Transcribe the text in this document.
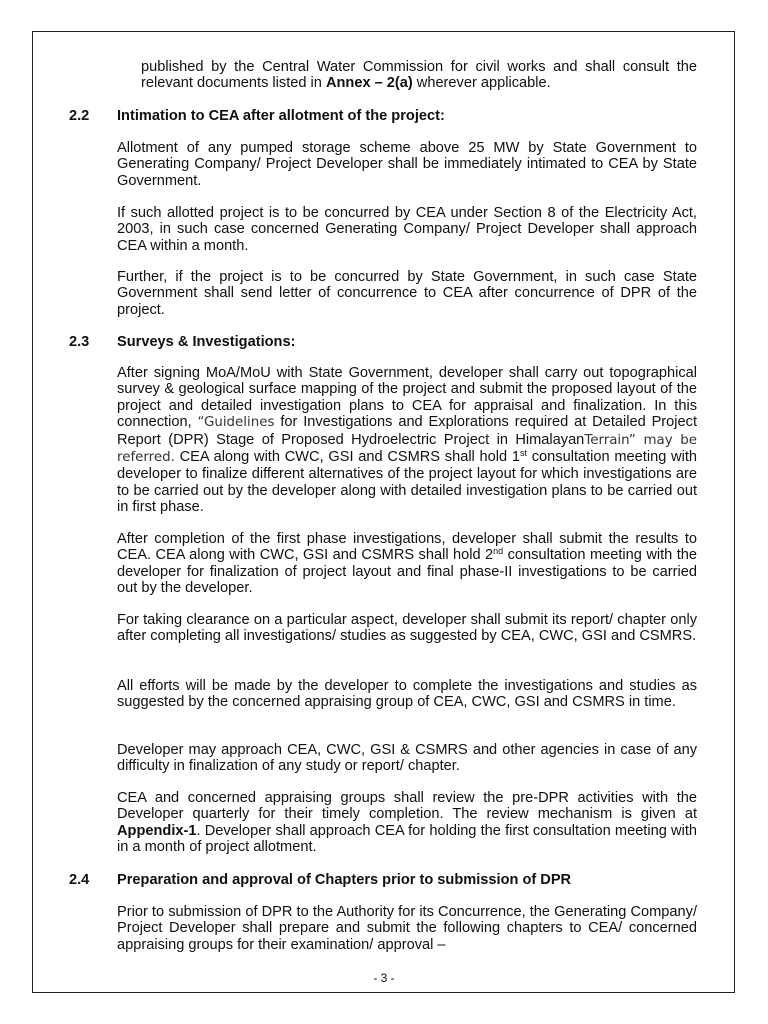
published by the Central Water Commission for civil works and shall consult the relevant documents listed in Annex – 2(a) wherever applicable.

2.2 Intimation to CEA after allotment of the project:

Allotment of any pumped storage scheme above 25 MW by State Government to Generating Company/ Project Developer shall be immediately intimated to CEA by State Government.

If such allotted project is to be concurred by CEA under Section 8 of the Electricity Act, 2003, in such case concerned Generating Company/ Project Developer shall approach CEA within a month.

Further, if the project is to be concurred by State Government, in such case State Government shall send letter of concurrence to CEA after concurrence of DPR of the project.

2.3 Surveys & Investigations:

After signing MoA/MoU with State Government, developer shall carry out topographical survey & geological surface mapping of the project and submit the proposed layout of the project and detailed investigation plans to CEA for appraisal and finalization. In this connection, “Guidelines for Investigations and Explorations required at Detailed Project Report (DPR) Stage of Proposed Hydroelectric Project in HimalayanTerrain” may be referred. CEA along with CWC, GSI and CSMRS shall hold 1st consultation meeting with developer to finalize different alternatives of the project layout for which investigations are to be carried out by the developer along with detailed investigation plans to be carried out in first phase.

After completion of the first phase investigations, developer shall submit the results to CEA. CEA along with CWC, GSI and CSMRS shall hold 2nd consultation meeting with the developer for finalization of project layout and final phase-II investigations to be carried out by the developer.

For taking clearance on a particular aspect, developer shall submit its report/ chapter only after completing all investigations/ studies as suggested by CEA, CWC, GSI and CSMRS.

All efforts will be made by the developer to complete the investigations and studies as suggested by the concerned appraising group of CEA, CWC, GSI and CSMRS in time.

Developer may approach CEA, CWC, GSI & CSMRS and other agencies in case of any difficulty in finalization of any study or report/ chapter.

CEA and concerned appraising groups shall review the pre-DPR activities with the Developer quarterly for their timely completion. The review mechanism is given at Appendix-1. Developer shall approach CEA for holding the first consultation meeting with in a month of project allotment.

2.4 Preparation and approval of Chapters prior to submission of DPR

Prior to submission of DPR to the Authority for its Concurrence, the Generating Company/ Project Developer shall prepare and submit the following chapters to CEA/ concerned appraising groups for their examination/ approval –

- 3 -
